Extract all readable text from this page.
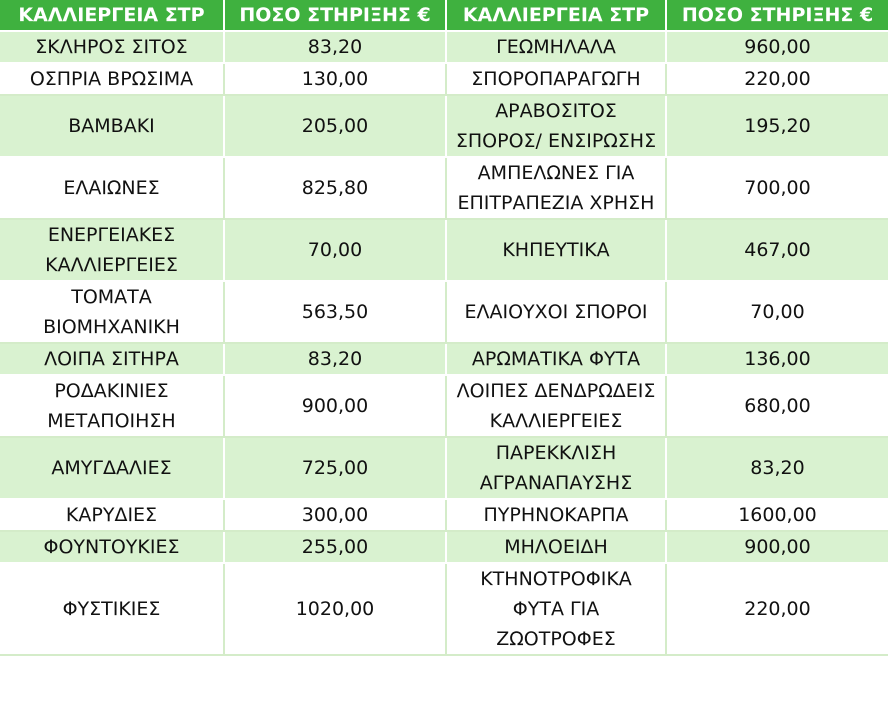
ΚΑΛΛΙΕΡΓΕΙΑ ΣΤΡ	ΠΟΣΟ ΣΤΗΡΙΞΗΣ €	ΚΑΛΛΙΕΡΓΕΙΑ ΣΤΡ	ΠΟΣΟ ΣΤΗΡΙΞΗΣ €
ΣΚΛΗΡΟΣ ΣΙΤΟΣ	83,20	ΓΕΩΜΗΛΑΛΑ	960,00
ΟΣΠΡΙΑ ΒΡΩΣΙΜΑ	130,00	ΣΠΟΡΟΠΑΡΑΓΩΓΗ	220,00
ΒΑΜΒΑΚΙ	205,00	ΑΡΑΒΟΣΙΤΟΣ ΣΠΟΡΟΣ/ ΕΝΣΙΡΩΣΗΣ	195,20
ΕΛΑΙΩΝΕΣ	825,80	ΑΜΠΕΛΩΝΕΣ ΓΙΑ ΕΠΙΤΡΑΠΕΖΙΑ ΧΡΗΣΗ	700,00
ΕΝΕΡΓΕΙΑΚΕΣ ΚΑΛΛΙΕΡΓΕΙΕΣ	70,00	ΚΗΠΕΥΤΙΚΑ	467,00
ΤΟΜΑΤΑ ΒΙΟΜΗΧΑΝΙΚΗ	563,50	ΕΛΑΙΟΥΧΟΙ ΣΠΟΡΟΙ	70,00
ΛΟΙΠΑ ΣΙΤΗΡΑ	83,20	ΑΡΩΜΑΤΙΚΑ ΦΥΤΑ	136,00
ΡΟΔΑΚΙΝΙΕΣ ΜΕΤΑΠΟΙΗΣΗ	900,00	ΛΟΙΠΕΣ ΔΕΝΔΡΩΔΕΙΣ ΚΑΛΛΙΕΡΓΕΙΕΣ	680,00
ΑΜΥΓΔΑΛΙΕΣ	725,00	ΠΑΡΕΚΚΛΙΣΗ ΑΓΡΑΝΑΠΑΥΣΗΣ	83,20
ΚΑΡΥΔΙΕΣ	300,00	ΠΥΡΗΝΟΚΑΡΠΑ	1600,00
ΦΟΥΝΤΟΥΚΙΕΣ	255,00	ΜΗΛΟΕΙΔΗ	900,00
ΦΥΣΤΙΚΙΕΣ	1020,00	ΚΤΗΝΟΤΡΟΦΙΚΑ ΦΥΤΑ ΓΙΑ ΖΩΟΤΡΟΦΕΣ	220,00
